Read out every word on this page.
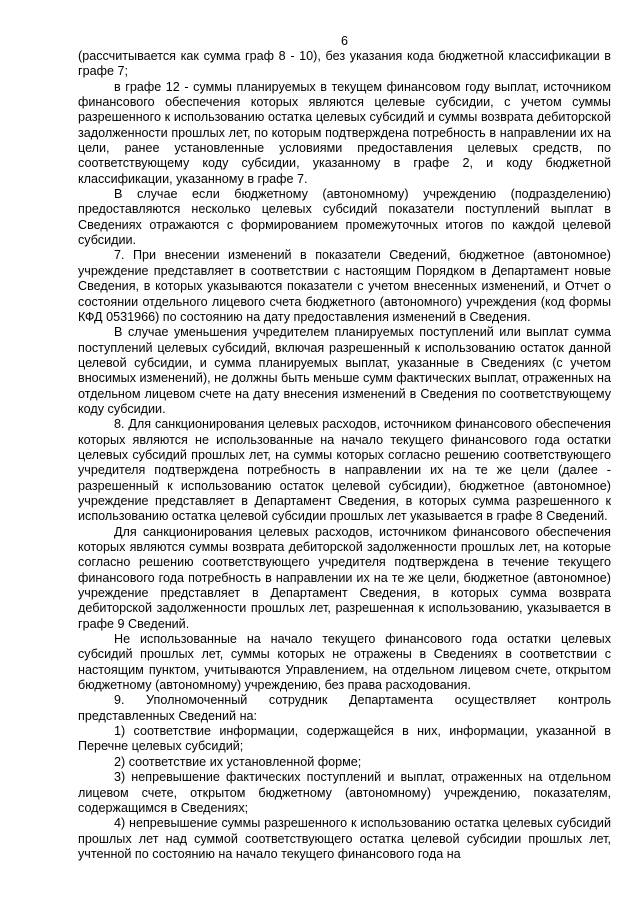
6

(рассчитывается как сумма граф 8 - 10), без указания кода бюджетной классификации в графе 7;

в графе 12 - суммы планируемых в текущем финансовом году выплат, источником финансового обеспечения которых являются целевые субсидии, с учетом суммы разрешенного к использованию остатка целевых субсидий и суммы возврата дебиторской задолженности прошлых лет, по которым подтверждена потребность в направлении их на цели, ранее установленные условиями предоставления целевых средств, по соответствующему коду субсидии, указанному в графе 2, и коду бюджетной классификации, указанному в графе 7.

В случае если бюджетному (автономному) учреждению (подразделению) предоставляются несколько целевых субсидий показатели поступлений выплат в Сведениях отражаются с формированием промежуточных итогов по каждой целевой субсидии.

7. При внесении изменений в показатели Сведений, бюджетное (автономное) учреждение представляет в соответствии с настоящим Порядком в Департамент новые Сведения, в которых указываются показатели с учетом внесенных изменений, и Отчет о состоянии отдельного лицевого счета бюджетного (автономного) учреждения (код формы КФД 0531966) по состоянию на дату предоставления изменений в Сведения.

В случае уменьшения учредителем планируемых поступлений или выплат сумма поступлений целевых субсидий, включая разрешенный к использованию остаток данной целевой субсидии, и сумма планируемых выплат, указанные в Сведениях (с учетом вносимых изменений), не должны быть меньше сумм фактических выплат, отраженных на отдельном лицевом счете на дату внесения изменений в Сведения по соответствующему коду субсидии.

8. Для санкционирования целевых расходов, источником финансового обеспечения которых являются не использованные на начало текущего финансового года остатки целевых субсидий прошлых лет, на суммы которых согласно решению соответствующего учредителя подтверждена потребность в направлении их на те же цели (далее - разрешенный к использованию остаток целевой субсидии), бюджетное (автономное) учреждение представляет в Департамент Сведения, в которых сумма разрешенного к использованию остатка целевой субсидии прошлых лет указывается в графе 8 Сведений.

Для санкционирования целевых расходов, источником финансового обеспечения которых являются суммы возврата дебиторской задолженности прошлых лет, на которые согласно решению соответствующего учредителя подтверждена в течение текущего финансового года потребность в направлении их на те же цели, бюджетное (автономное) учреждение представляет в Департамент Сведения, в которых сумма возврата дебиторской задолженности прошлых лет, разрешенная к использованию, указывается в графе 9 Сведений.

Не использованные на начало текущего финансового года остатки целевых субсидий прошлых лет, суммы которых не отражены в Сведениях в соответствии с настоящим пунктом, учитываются Управлением, на отдельном лицевом счете, открытом бюджетному (автономному) учреждению, без права расходования.

9. Уполномоченный сотрудник Департамента осуществляет контроль представленных Сведений на:

1) соответствие информации, содержащейся в них, информации, указанной в Перечне целевых субсидий;

2) соответствие их установленной форме;

3) непревышение фактических поступлений и выплат, отраженных на отдельном лицевом счете, открытом бюджетному (автономному) учреждению, показателям, содержащимся в Сведениях;

4) непревышение суммы разрешенного к использованию остатка целевых субсидий прошлых лет над суммой соответствующего остатка целевой субсидии прошлых лет, учтенной по состоянию на начало текущего финансового года на
